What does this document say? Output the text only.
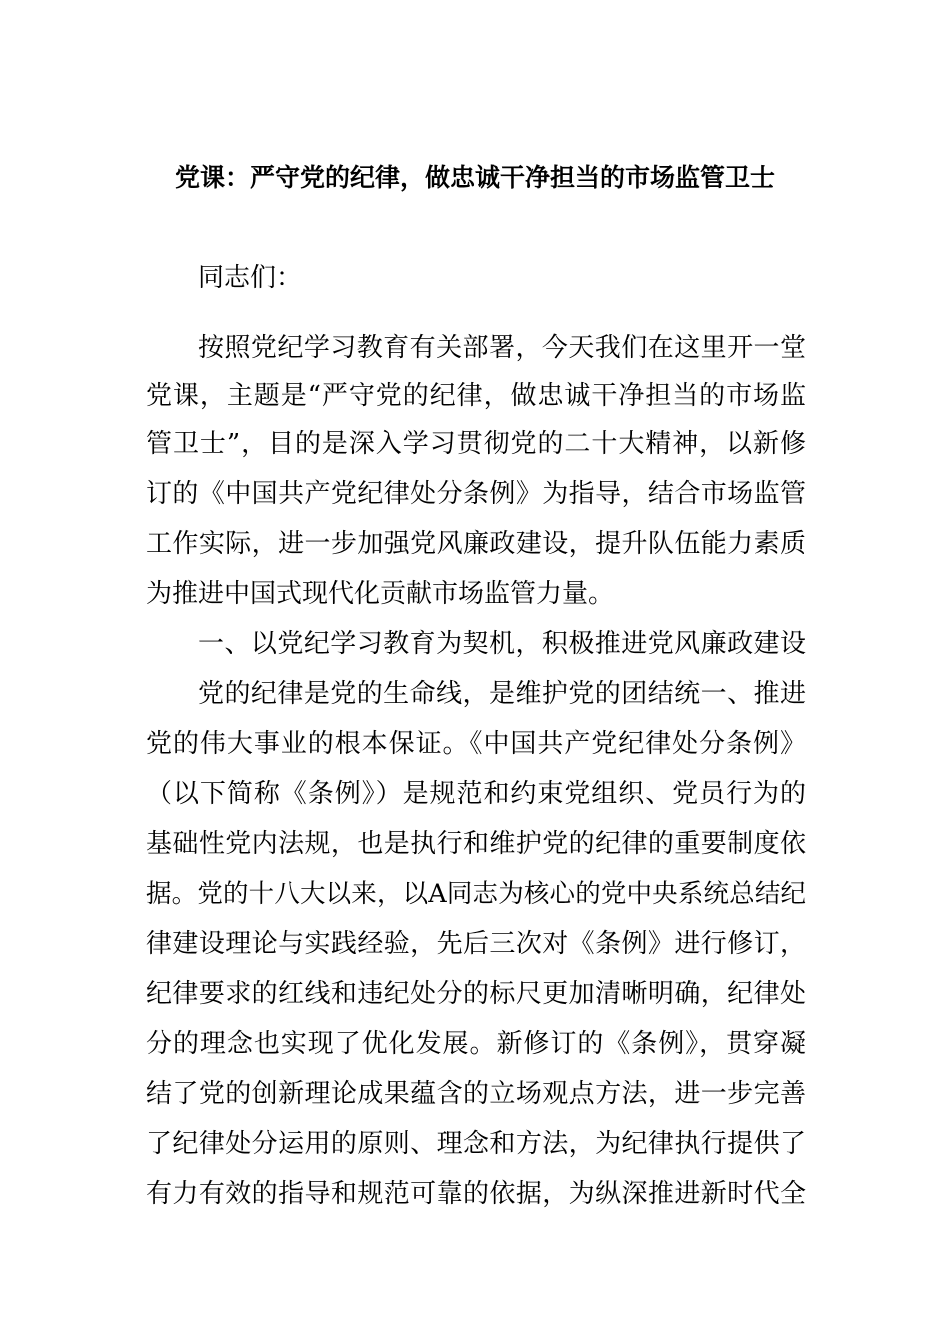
党课：严守党的纪律，做忠诚干净担当的市场监管卫士

同志们：

按照党纪学习教育有关部署，今天我们在这里开一堂

党课，主题是“严守党的纪律，做忠诚干净担当的市场监

管卫士”，目的是深入学习贯彻党的二十大精神，以新修

订的《中国共产党纪律处分条例》为指导，结合市场监管

工作实际，进一步加强党风廉政建设，提升队伍能力素质

为推进中国式现代化贡献市场监管力量。

一、以党纪学习教育为契机，积极推进党风廉政建设

党的纪律是党的生命线，是维护党的团结统一、推进

党的伟大事业的根本保证。《中国共产党纪律处分条例》

（以下简称《条例》）是规范和约束党组织、党员行为的

基础性党内法规，也是执行和维护党的纪律的重要制度依

据。党的十八大以来，以A同志为核心的党中央系统总结纪

律建设理论与实践经验，先后三次对《条例》进行修订，

纪律要求的红线和违纪处分的标尺更加清晰明确，纪律处

分的理念也实现了优化发展。新修订的《条例》，贯穿凝

结了党的创新理论成果蕴含的立场观点方法，进一步完善

了纪律处分运用的原则、理念和方法，为纪律执行提供了

有力有效的指导和规范可靠的依据，为纵深推进新时代全
